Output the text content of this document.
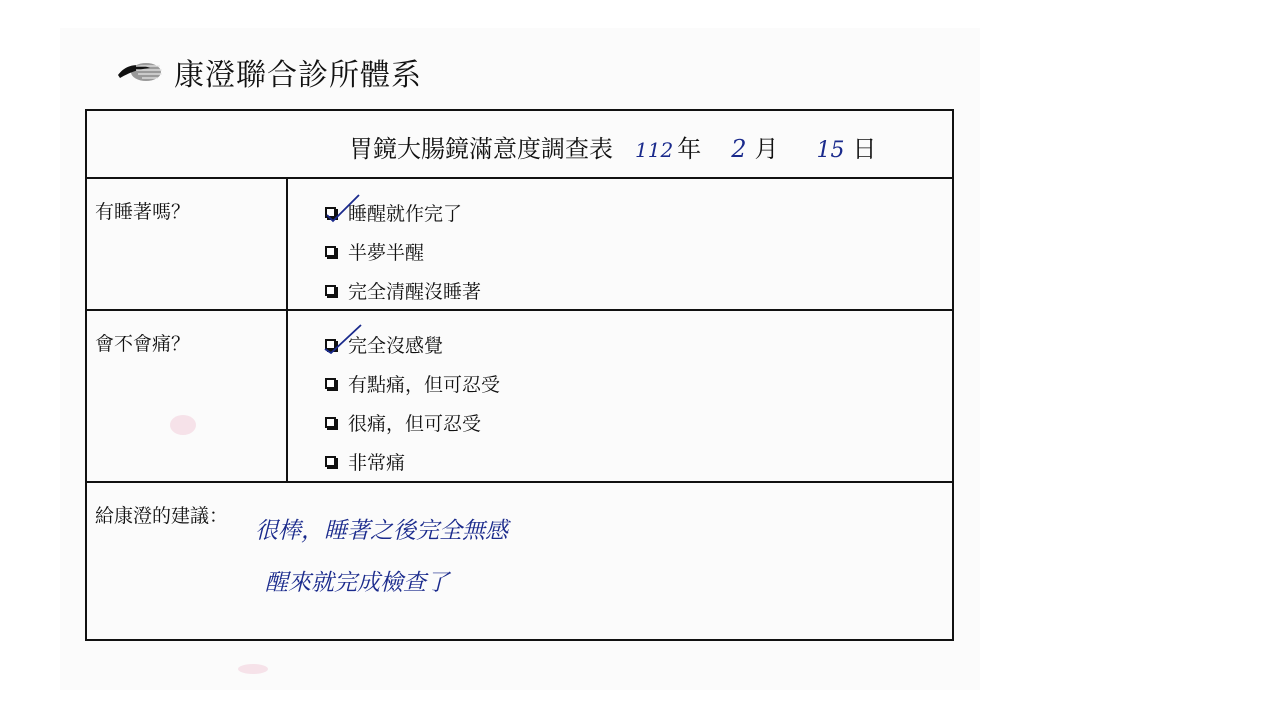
康澄聯合診所體系
胃鏡大腸鏡滿意度調查表 112 年 2 月 15 日
有睡著嗎？	睡醒就作完了
半夢半醒
完全清醒沒睡著
會不會痛？	完全沒感覺
有點痛，但可忍受
很痛，但可忍受
非常痛
給康澄的建議：
很棒，睡著之後完全無感
醒來就完成檢查了
